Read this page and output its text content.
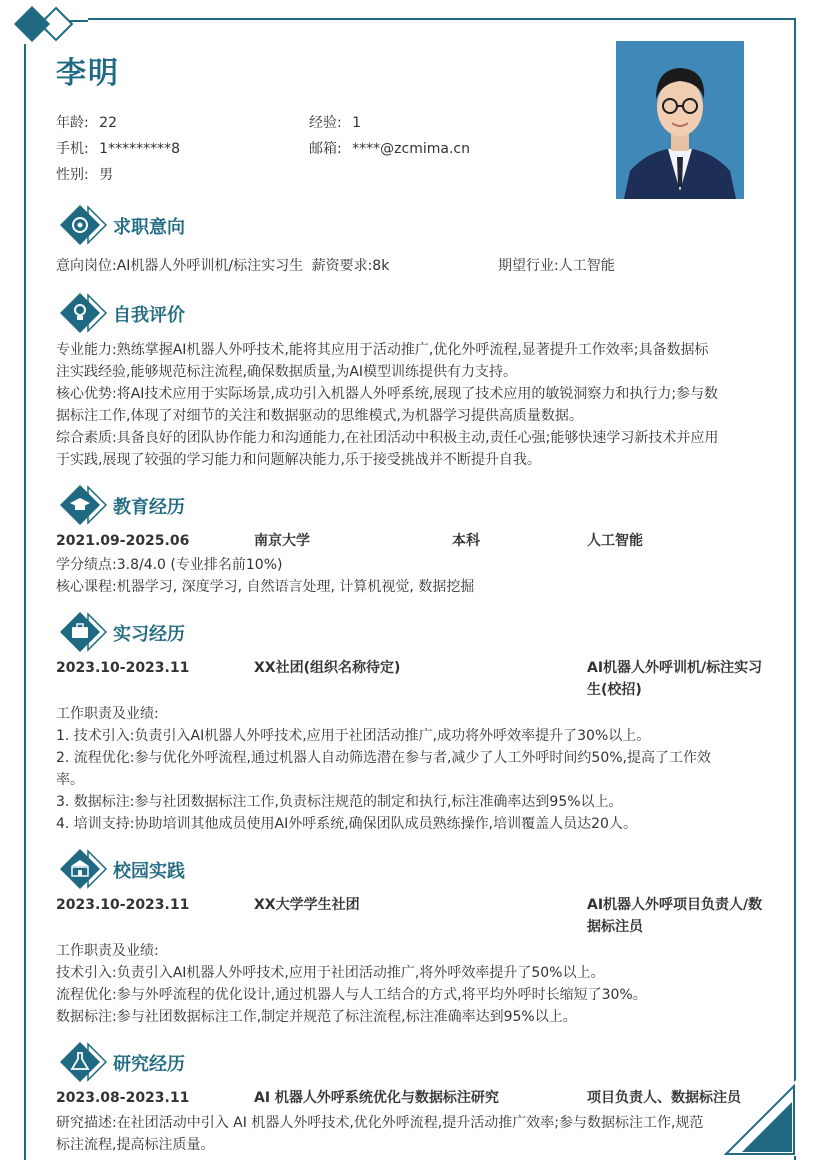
李明
年龄: 22	经验: 1
手机: 1*********8	邮箱: ****@zcmima.cn
性别: 男
求职意向
意向岗位:AI机器人外呼训机/标注实习生 薪资要求:8k	期望行业:人工智能
自我评价
专业能力:熟练掌握AI机器人外呼技术,能将其应用于活动推广,优化外呼流程,显著提升工作效率;具备数据标
注实践经验,能够规范标注流程,确保数据质量,为AI模型训练提供有力支持。
核心优势:将AI技术应用于实际场景,成功引入机器人外呼系统,展现了技术应用的敏锐洞察力和执行力;参与数
据标注工作,体现了对细节的关注和数据驱动的思维模式,为机器学习提供高质量数据。
综合素质:具备良好的团队协作能力和沟通能力,在社团活动中积极主动,责任心强;能够快速学习新技术并应用
于实践,展现了较强的学习能力和问题解决能力,乐于接受挑战并不断提升自我。
教育经历
2021.09-2025.06	南京大学	本科	人工智能
学分绩点:3.8/4.0 (专业排名前10%)
核心课程:机器学习, 深度学习, 自然语言处理, 计算机视觉, 数据挖掘
实习经历
2023.10-2023.11	XX社团(组织名称待定)	AI机器人外呼训机/标注实习
生(校招)
工作职责及业绩:
1. 技术引入:负责引入AI机器人外呼技术,应用于社团活动推广,成功将外呼效率提升了30%以上。
2. 流程优化:参与优化外呼流程,通过机器人自动筛选潜在参与者,减少了人工外呼时间约50%,提高了工作效
率。
3. 数据标注:参与社团数据标注工作,负责标注规范的制定和执行,标注准确率达到95%以上。
4. 培训支持:协助培训其他成员使用AI外呼系统,确保团队成员熟练操作,培训覆盖人员达20人。
校园实践
2023.10-2023.11	XX大学学生社团	AI机器人外呼项目负责人/数
据标注员
工作职责及业绩:
技术引入:负责引入AI机器人外呼技术,应用于社团活动推广,将外呼效率提升了50%以上。
流程优化:参与外呼流程的优化设计,通过机器人与人工结合的方式,将平均外呼时长缩短了30%。
数据标注:参与社团数据标注工作,制定并规范了标注流程,标注准确率达到95%以上。
研究经历
2023.08-2023.11	AI 机器人外呼系统优化与数据标注研究	项目负责人、数据标注员
研究描述:在社团活动中引入 AI 机器人外呼技术,优化外呼流程,提升活动推广效率;参与数据标注工作,规范
标注流程,提高标注质量。
